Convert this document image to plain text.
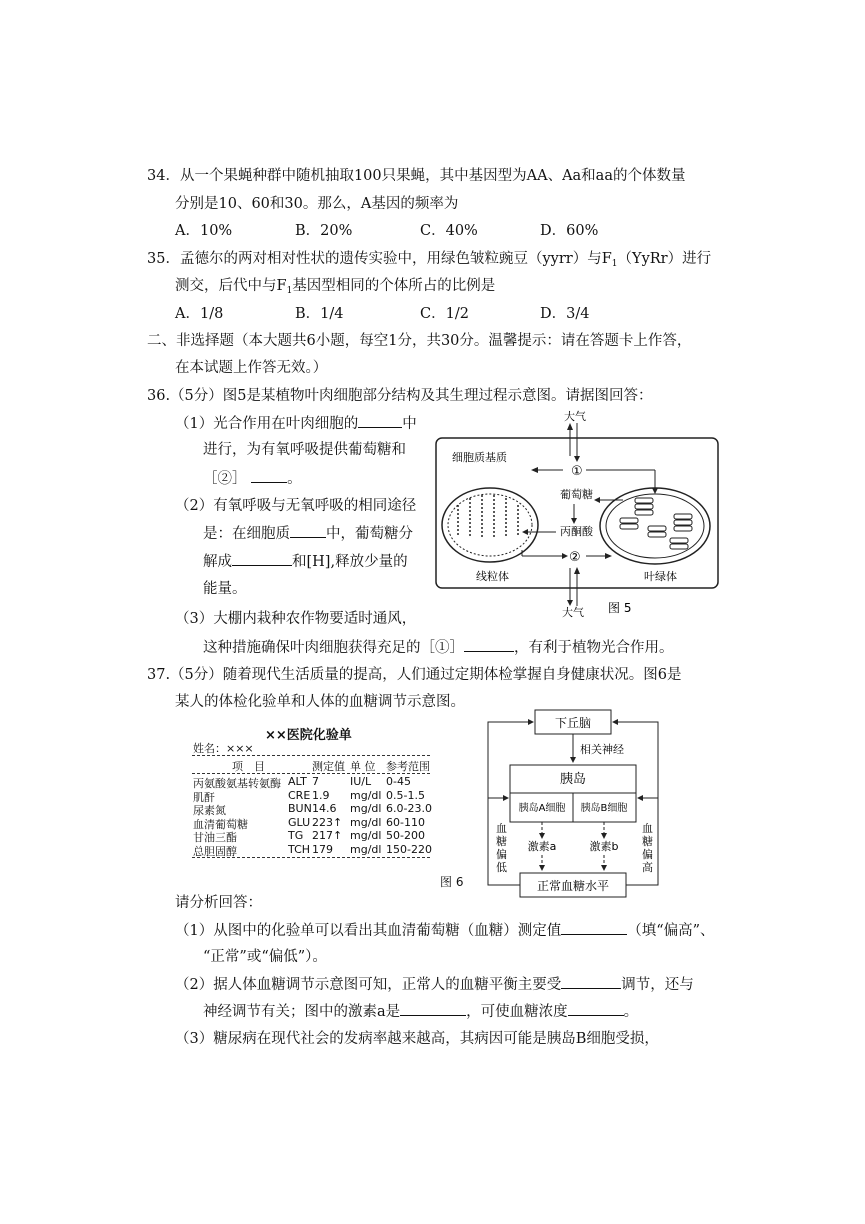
34．从一个果蝇种群中随机抽取100只果蝇，其中基因型为AA、Aa和aa的个体数量
分别是10、60和30。那么，A基因的频率为
A．10%	B．20%	C．40%	D．60%
35．孟德尔的两对相对性状的遗传实验中，用绿色皱粒豌豆（yyrr）与$F_1(YyRr)$进行
测交，后代中与$F_1$基因型相同的个体所占的比例是
A．1/8	B．1/4	C．1/2	D．3/4
二、非选择题（本大题共6小题，每空1分，共30分。温馨提示：请在答题卡上作答，
在本试题上作答无效。）
36.（5分）图5是某植物叶肉细胞部分结构及其生理过程示意图。请据图回答：
（1）光合作用在叶肉细胞的	中
进行，为有氧呼吸提供葡萄糖和
［②］	。
（2）有氧呼吸与无氧呼吸的相同途径
是：在细胞质 中，葡萄糖分
解成	和[H],释放少量的
能量。
（3）大棚内栽种农作物要适时通风，
这种措施确保叶肉细胞获得充足的［①］	，有利于植物光合作用。
细胞质基质
大气
①
线粒体	叶绿体
葡萄糖
丙酮酸
②
大气 图 5
37.（5分）随着现代生活质量的提高，人们通过定期体检掌握自身健康状况。图6是
某人的体检化验单和人体的血糖调节示意图。
××医院化验单
姓名：×××
项　目	测定值 单 位 参考范围
丙氨酸氨基转氨酶 ALT 7	IU/L 0-45
肌酐	CRE 1.9 mg/dl 0.5-1.5
尿素氮	BUN 14.6 mg/dl 6.0-23.0
血清葡萄糖	GLU 223↑ mg/dl 60-110
甘油三酯	TG 217↑ mg/dl 50-200
总胆固醇	TCH 179 mg/dl 150-220
下丘脑
相关神经
胰岛
胰岛A细胞 胰岛B细胞
激素a	激素b
正常血糖水平
血
糖
偏
低
血
糖
偏
高
图 6
请分析回答：
（1）从图中的化验单可以看出其血清葡萄糖（血糖）测定值	（填“偏高”、
“正常”或“偏低”）。
（2）据人体血糖调节示意图可知，正常人的血糖平衡主要受	调节，还与
神经调节有关；图中的激素a是	，可使血糖浓度	。
（3）糖尿病在现代社会的发病率越来越高，其病因可能是胰岛B细胞受损，
